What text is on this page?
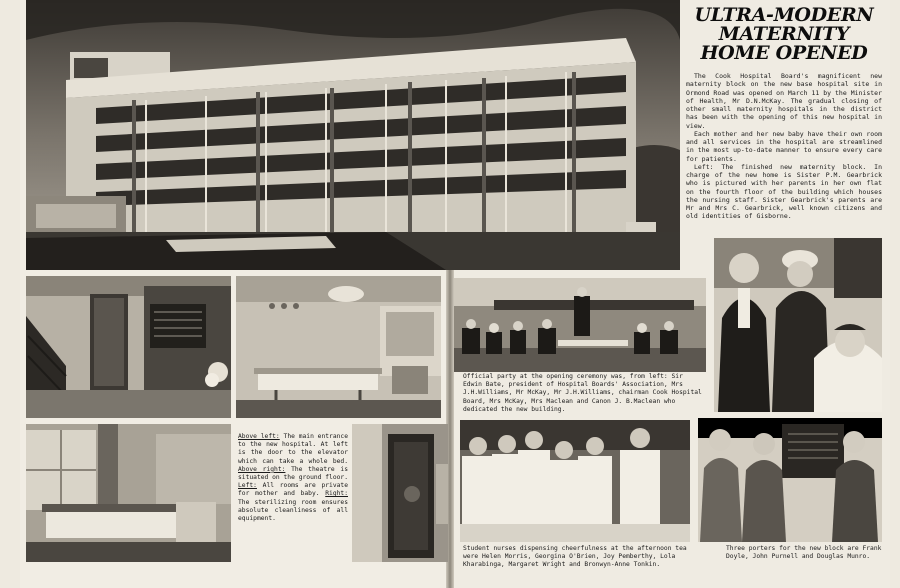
ULTRA-MODERN
MATERNITY
HOME OPENED

The Cook Hospital Board's magnificent new maternity block on the new base hospital site in Ormond Road was opened on March 11 by the Minister of Health, Mr D.N.McKay. The gradual closing of other small maternity hospitals in the district has been with the opening of this new hospital in view.

Each mother and her new baby have their own room and all services in the hospital are streamlined in the most up-to-date manner to ensure every care for patients.

Left: The finished new maternity block. In charge of the new home is Sister P.M. Gearbrick who is pictured with her parents in her own flat on the fourth floor of the building which houses the nursing staff. Sister Gearbrick's parents are Mr and Mrs C. Gearbrick, well known citizens and old identities of Gisborne.

Above left: The main entrance to the new hospital. At left is the door to the elevator which can take a whole bed. Above right: The theatre is situated on the ground floor. Left: All rooms are private for mother and baby. Right: The sterilizing room ensures absolute cleanliness of all equipment.
Official party at the opening ceremony was, from left: Sir Edwin Bate, president of Hospital Boards' Association, Mrs J.H.Williams, Mr McKay, Mr J.H.Williams, chairman Cook Hospital Board, Mrs McKay, Mrs Maclean and Canon J. B.Maclean who dedicated the new building.
Student nurses dispensing cheerfulness at the afternoon tea were Helen Morris, Georgina O'Brien, Joy Pemberthy, Lola Kharabinga, Margaret Wright and Bronwyn-Anne Tonkin.
Three porters for the new block are Frank Doyle, John Purnell and Douglas Munro.
